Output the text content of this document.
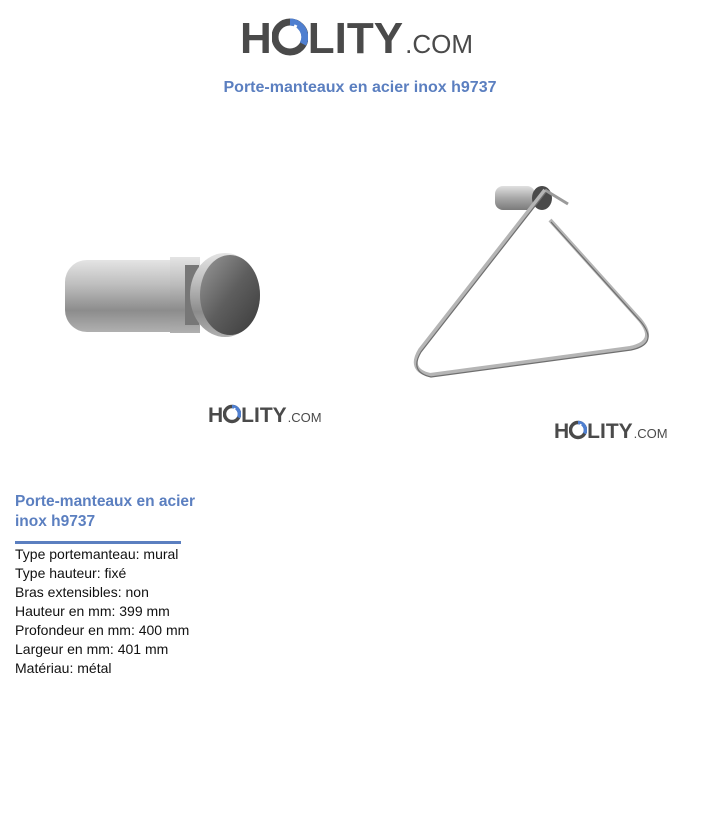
H LITY .COM
Porte-manteaux en acier inox h9737
H LITY .COM
H LITY .COM
Porte-manteaux en acier inox h9737
Type portemanteau: mural
Type hauteur: fixé
Bras extensibles: non
Hauteur en mm: 399 mm
Profondeur en mm: 400 mm
Largeur en mm: 401 mm
Matériau: métal
